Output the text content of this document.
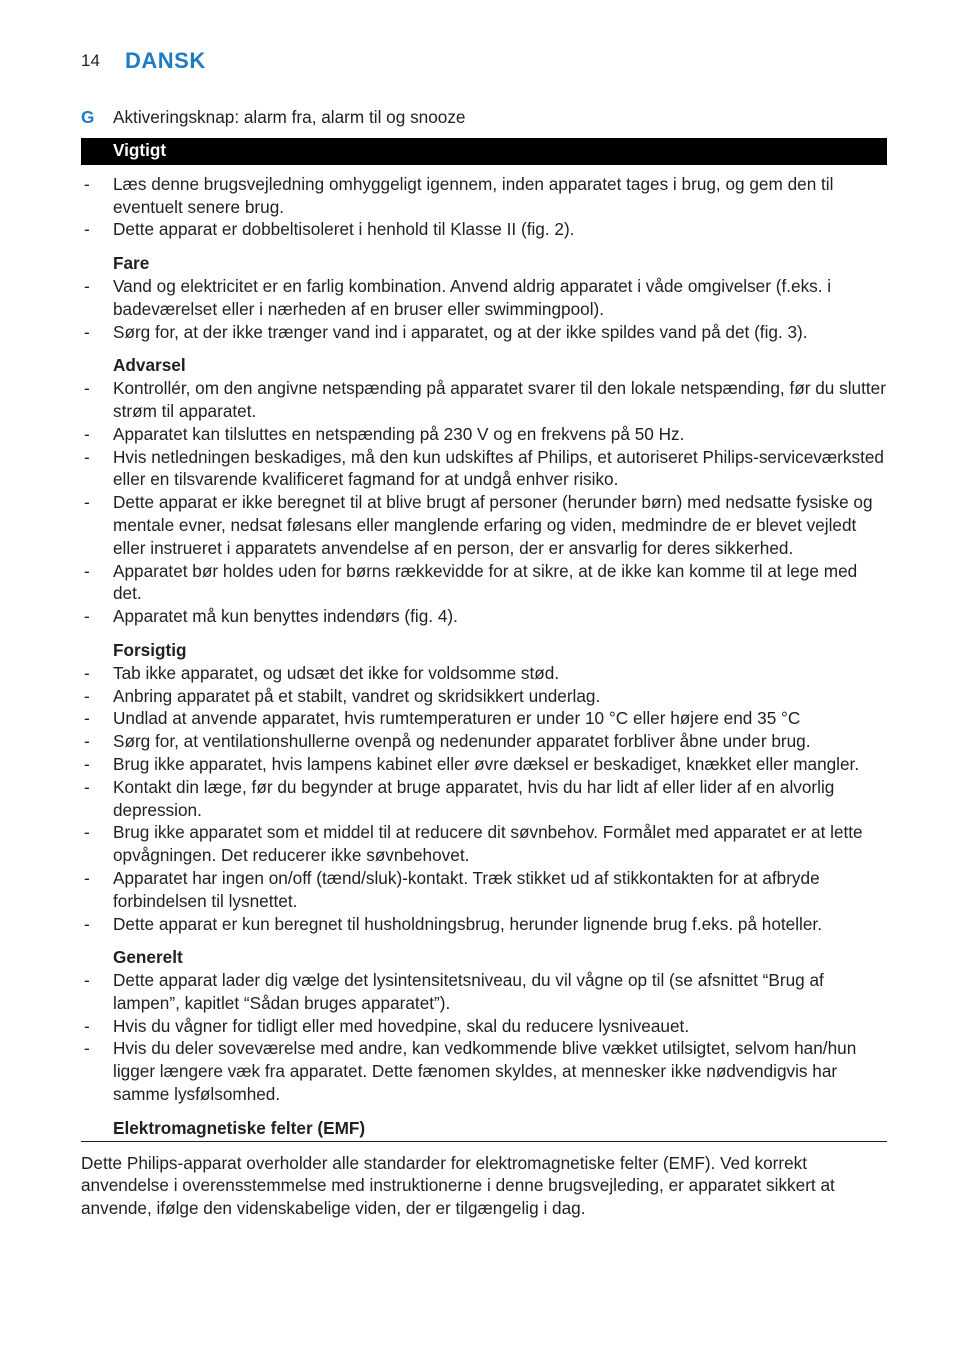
14	DANSK
G	Aktiveringsknap: alarm fra, alarm til og snooze
Vigtigt
-	Læs denne brugsvejledning omhyggeligt igennem, inden apparatet tages i brug, og gem den til eventuelt senere brug.
-	Dette apparat er dobbeltisoleret i henhold til Klasse II (fig. 2).
Fare
-	Vand og elektricitet er en farlig kombination. Anvend aldrig apparatet i våde omgivelser (f.eks. i badeværelset eller i nærheden af en bruser eller swimmingpool).
-	Sørg for, at der ikke trænger vand ind i apparatet, og at der ikke spildes vand på det (fig. 3).
Advarsel
-	Kontrollér, om den angivne netspænding på apparatet svarer til den lokale netspænding, før du slutter strøm til apparatet.
-	Apparatet kan tilsluttes en netspænding på 230 V og en frekvens på 50 Hz.
-	Hvis netledningen beskadiges, må den kun udskiftes af Philips, et autoriseret Philips-serviceværksted eller en tilsvarende kvalificeret fagmand for at undgå enhver risiko.
-	Dette apparat er ikke beregnet til at blive brugt af personer (herunder børn) med nedsatte fysiske og mentale evner, nedsat følesans eller manglende erfaring og viden, medmindre de er blevet vejledt eller instrueret i apparatets anvendelse af en person, der er ansvarlig for deres sikkerhed.
-	Apparatet bør holdes uden for børns rækkevidde for at sikre, at de ikke kan komme til at lege med det.
-	Apparatet må kun benyttes indendørs (fig. 4).
Forsigtig
-	Tab ikke apparatet, og udsæt det ikke for voldsomme stød.
-	Anbring apparatet på et stabilt, vandret og skridsikkert underlag.
-	Undlad at anvende apparatet, hvis rumtemperaturen er under 10 °C eller højere end 35 °C
-	Sørg for, at ventilationshullerne ovenpå og nedenunder apparatet forbliver åbne under brug.
-	Brug ikke apparatet, hvis lampens kabinet eller øvre dæksel er beskadiget, knækket eller mangler.
-	Kontakt din læge, før du begynder at bruge apparatet, hvis du har lidt af eller lider af en alvorlig depression.
-	Brug ikke apparatet som et middel til at reducere dit søvnbehov. Formålet med apparatet er at lette opvågningen. Det reducerer ikke søvnbehovet.
-	Apparatet har ingen on/off (tænd/sluk)-kontakt. Træk stikket ud af stikkontakten for at afbryde forbindelsen til lysnettet.
-	Dette apparat er kun beregnet til husholdningsbrug, herunder lignende brug f.eks. på hoteller.
Generelt
-	Dette apparat lader dig vælge det lysintensitetsniveau, du vil vågne op til (se afsnittet “Brug af lampen”, kapitlet “Sådan bruges apparatet”).
-	Hvis du vågner for tidligt eller med hovedpine, skal du reducere lysniveauet.
-	Hvis du deler soveværelse med andre, kan vedkommende blive vækket utilsigtet, selvom han/hun ligger længere væk fra apparatet. Dette fænomen skyldes, at mennesker ikke nødvendigvis har samme lysfølsomhed.
Elektromagnetiske felter (EMF)
Dette Philips-apparat overholder alle standarder for elektromagnetiske felter (EMF). Ved korrekt anvendelse i overensstemmelse med instruktionerne i denne brugsvejleding, er apparatet sikkert at anvende, ifølge den videnskabelige viden, der er tilgængelig i dag.
